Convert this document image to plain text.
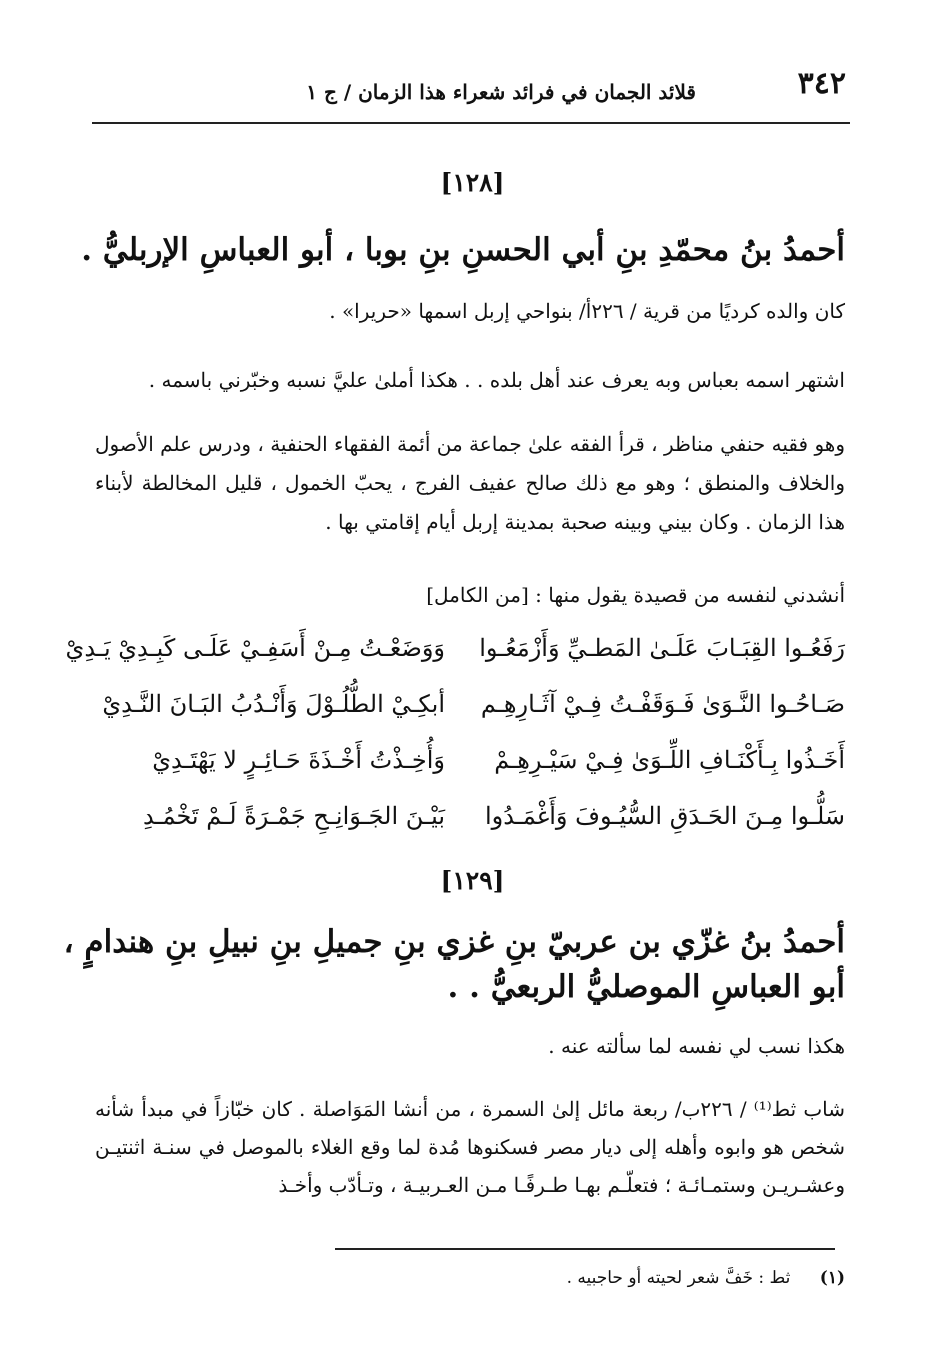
٣٤٢
قلائد الجمان في فرائد شعراء هذا الزمان / ج ١
[١٢٨]
أحمدُ بنُ محمّدِ بنِ أبي الحسنِ بنِ بوبا ، أبو العباسِ الإربليُّ .
كان والده كرديًا من قرية / ٢٢٦أ/ بنواحي إربل اسمها «حريرا» .
اشتهر اسمه بعباس وبه يعرف عند أهل بلده . . هكذا أملىٰ عليَّ نسبه وخبّرني باسمه .
وهو فقيه حنفي مناظر ، قرأ الفقه علىٰ جماعة من أئمة الفقهاء الحنفية ، ودرس علم الأصول والخلاف والمنطق ؛ وهو مع ذلك صالح عفيف الفرج ، يحبّ الخمول ، قليل المخالطة لأبناء هذا الزمان . وكان بيني وبينه صحبة بمدينة إربل أيام إقامتي بها .
أنشدني لنفسه من قصيدة يقول منها : [من الكامل]
رَفَعُـوا القِبَـابَ عَلَـىٰ المَطـيِّ وَأَزْمَعُـوا
وَوَضَعْـتُ مِـنْ أَسَفِـيْ عَلَـى كَبِـدِيْ يَـدِيْ
صَـاحُـوا النَّـوَىٰ فَـوَقَفْـتُ فِـيْ آثَـارِهِـم
أبكِـيْ الطُّلُـوْلَ وَأَنْـدُبُ البَـانَ النَّـدِيْ
أَخَـذُوا بِـأَكْنَـافِ اللِّـوَىٰ فِـيْ سَيْـرِهِـمْ
وَأُخِـذْتُ أَخْـذَةَ حَـائِـرٍ لا يَهْتَـدِيْ
سَلُّـوا مِـنَ الحَـدَقِ السُّيُـوفَ وَأَغْمَـدُوا
بَيْـنَ الجَـوَانِـحِ جَمْـرَةً لَـمْ تَخْمُـدِ
[١٢٩]
أحمدُ بنُ غزّي بن عربيّ بنِ غزي بنِ جميلِ بنِ نبيلِ بنِ هندامٍ ،
أبو العباسِ الموصليُّ الربعيُّ . .
هكذا نسب لي نفسه لما سألته عنه .
شاب ثط⁽¹⁾ / ٢٢٦ب/ ربعة مائل إلىٰ السمرة ، من أنشا المَوَاصلة . كان خبّازاً في مبدأ شأنه شخص هو وابوه وأهله إلى ديار مصر فسكنوها مُدة لما وقع الغلاء بالموصل في سنـة اثنتيـن وعشـريـن وستمـائـة ؛ فتعلّـم بهـا طـرفًـا مـن العـربيـة ، وتـأدّب وأخـذ
(١) ثط : خَفَّ شعر لحيته أو حاجبيه .
